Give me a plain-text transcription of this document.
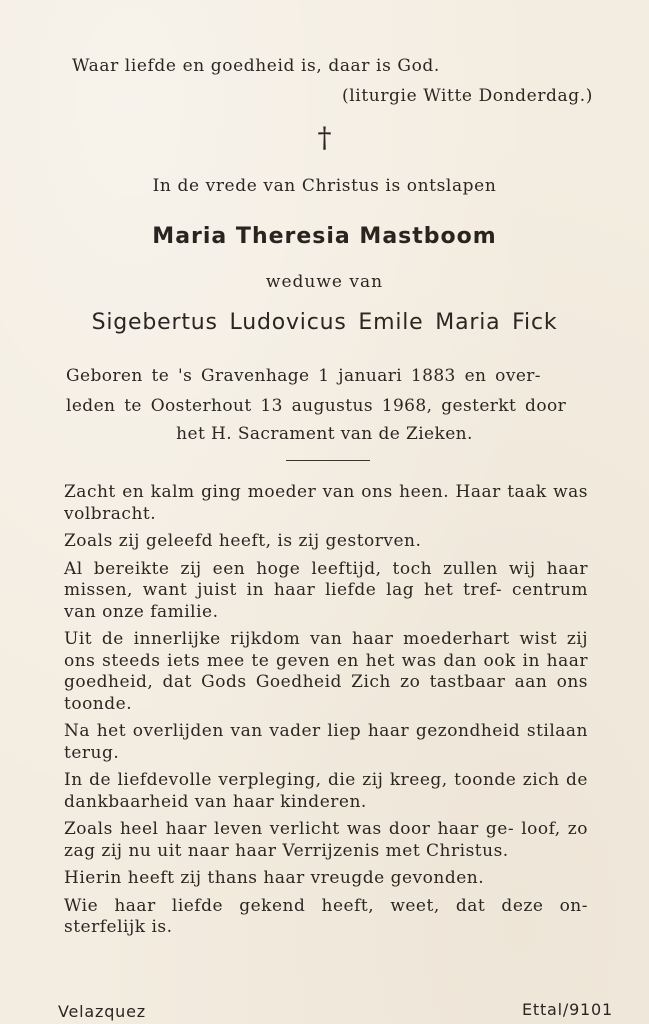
Waar liefde en goedheid is, daar is God.
(liturgie Witte Donderdag.)
†
In de vrede van Christus is ontslapen
Maria Theresia Mastboom
weduwe van
Sigebertus Ludovicus Emile Maria Fick
Geboren te 's Gravenhage 1 januari 1883 en over-
leden te Oosterhout 13 augustus 1968, gesterkt door
het H. Sacrament van de Zieken.

Zacht en kalm ging moeder van ons heen. Haar taak was volbracht.

Zoals zij geleefd heeft, is zij gestorven.

Al bereikte zij een hoge leeftijd, toch zullen wij haar missen, want juist in haar liefde lag het tref- centrum van onze familie.

Uit de innerlijke rijkdom van haar moederhart wist zij ons steeds iets mee te geven en het was dan ook in haar goedheid, dat Gods Goedheid Zich zo tastbaar aan ons toonde.

Na het overlijden van vader liep haar gezondheid stilaan terug.

In de liefdevolle verpleging, die zij kreeg, toonde zich de dankbaarheid van haar kinderen.

Zoals heel haar leven verlicht was door haar ge- loof, zo zag zij nu uit naar haar Verrijzenis met Christus.

Hierin heeft zij thans haar vreugde gevonden.

Wie haar liefde gekend heeft, weet, dat deze on- sterfelijk is.

Velazquez	Ettal/9101
